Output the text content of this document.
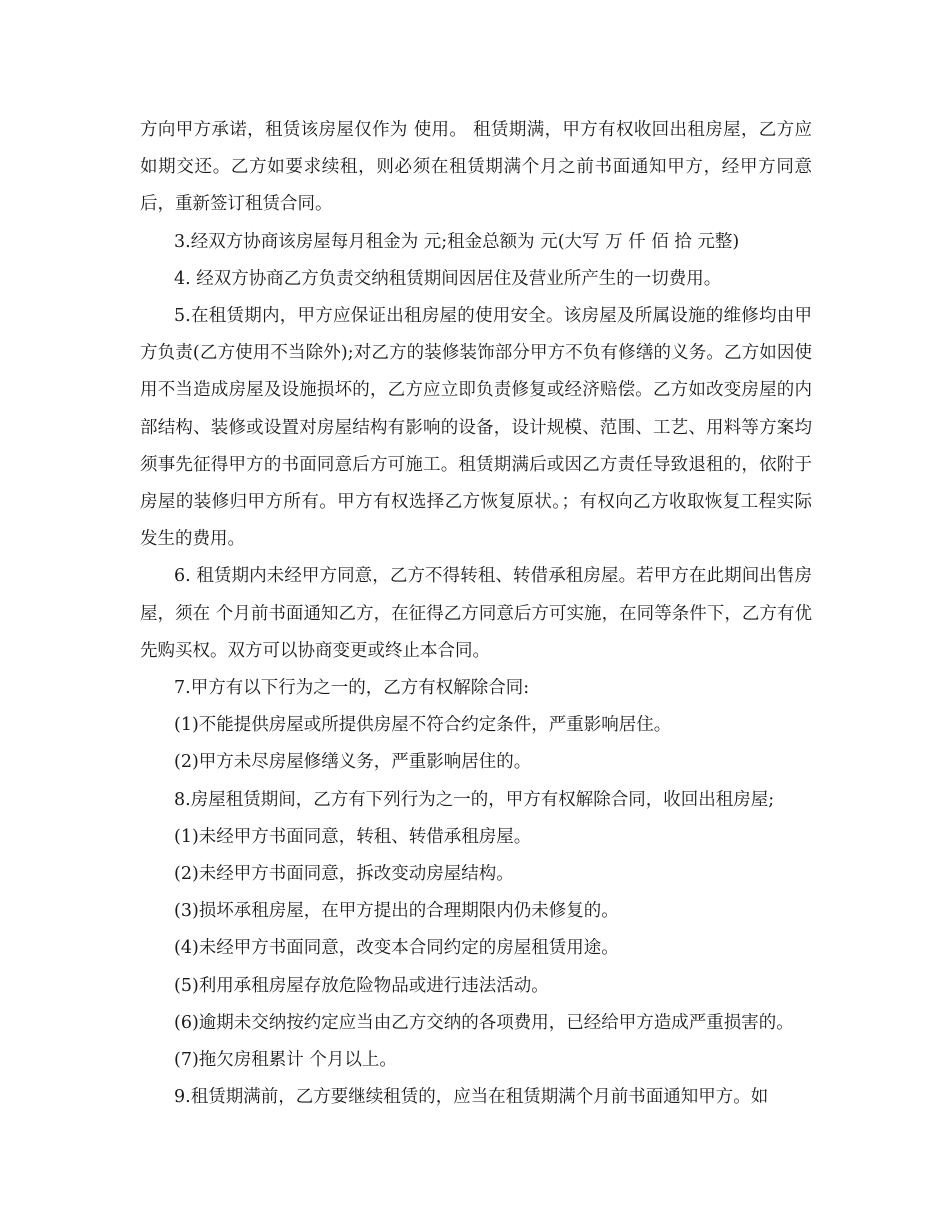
方向甲方承诺，租赁该房屋仅作为 使用。 租赁期满，甲方有权收回出租房屋，乙方应如期交还。乙方如要求续租，则必须在租赁期满个月之前书面通知甲方，经甲方同意后，重新签订租赁合同。

3.经双方协商该房屋每月租金为 元;租金总额为 元(大写 万 仟 佰 拾 元整)

4. 经双方协商乙方负责交纳租赁期间因居住及营业所产生的一切费用。

5.在租赁期内，甲方应保证出租房屋的使用安全。该房屋及所属设施的维修均由甲方负责(乙方使用不当除外);对乙方的装修装饰部分甲方不负有修缮的义务。乙方如因使用不当造成房屋及设施损坏的，乙方应立即负责修复或经济赔偿。乙方如改变房屋的内部结构、装修或设置对房屋结构有影响的设备，设计规模、范围、工艺、用料等方案均须事先征得甲方的书面同意后方可施工。租赁期满后或因乙方责任导致退租的，依附于房屋的装修归甲方所有。甲方有权选择乙方恢复原状。；有权向乙方收取恢复工程实际发生的费用。

6. 租赁期内未经甲方同意，乙方不得转租、转借承租房屋。若甲方在此期间出售房屋，须在 个月前书面通知乙方，在征得乙方同意后方可实施，在同等条件下，乙方有优先购买权。双方可以协商变更或终止本合同。

7.甲方有以下行为之一的，乙方有权解除合同:

(1)不能提供房屋或所提供房屋不符合约定条件，严重影响居住。

(2)甲方未尽房屋修缮义务，严重影响居住的。

8.房屋租赁期间，乙方有下列行为之一的，甲方有权解除合同，收回出租房屋;

(1)未经甲方书面同意，转租、转借承租房屋。

(2)未经甲方书面同意，拆改变动房屋结构。

(3)损坏承租房屋，在甲方提出的合理期限内仍未修复的。

(4)未经甲方书面同意，改变本合同约定的房屋租赁用途。

(5)利用承租房屋存放危险物品或进行违法活动。

(6)逾期未交纳按约定应当由乙方交纳的各项费用，已经给甲方造成严重损害的。

(7)拖欠房租累计 个月以上。

9.租赁期满前，乙方要继续租赁的，应当在租赁期满个月前书面通知甲方。如
